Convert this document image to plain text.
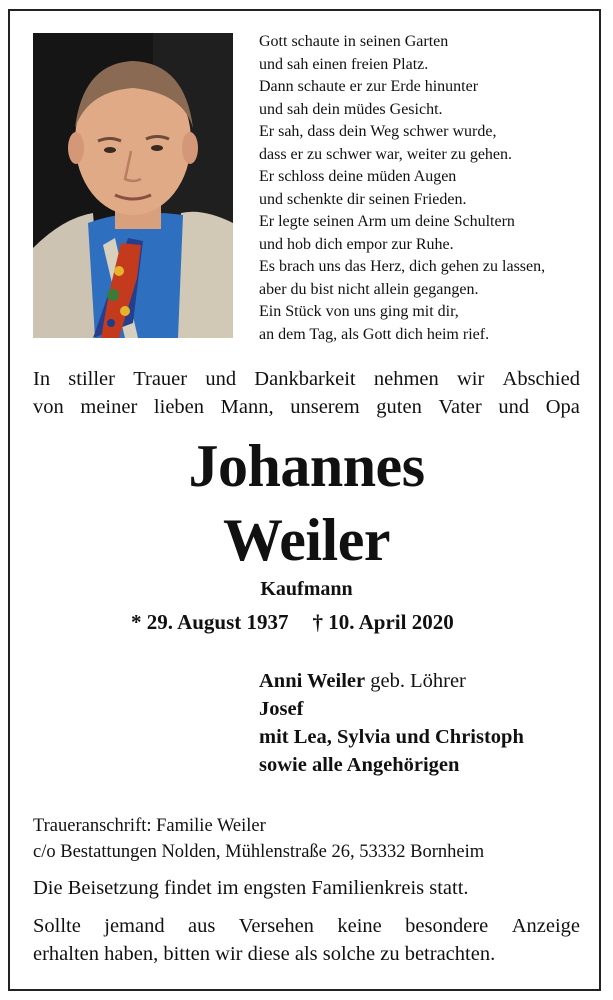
Gott schaute in seinen Garten
und sah einen freien Platz.
Dann schaute er zur Erde hinunter
und sah dein müdes Gesicht.
Er sah, dass dein Weg schwer wurde,
dass er zu schwer war, weiter zu gehen.
Er schloss deine müden Augen
und schenkte dir seinen Frieden.
Er legte seinen Arm um deine Schultern
und hob dich empor zur Ruhe.
Es brach uns das Herz, dich gehen zu lassen,
aber du bist nicht allein gegangen.
Ein Stück von uns ging mit dir,
an dem Tag, als Gott dich heim rief.
In stiller Trauer und Dankbarkeit nehmen wir Abschied
von meiner lieben Mann, unserem guten Vater und Opa
Johannes
Weiler
Kaufmann
* 29. August 1937 † 10. April 2020
Anni Weiler geb. Löhrer
Josef
mit Lea, Sylvia und Christoph
sowie alle Angehörigen
Traueranschrift: Familie Weiler
c/o Bestattungen Nolden, Mühlenstraße 26, 53332 Bornheim
Die Beisetzung findet im engsten Familienkreis statt.
Sollte jemand aus Versehen keine besondere Anzeige
erhalten haben, bitten wir diese als solche zu betrachten.
